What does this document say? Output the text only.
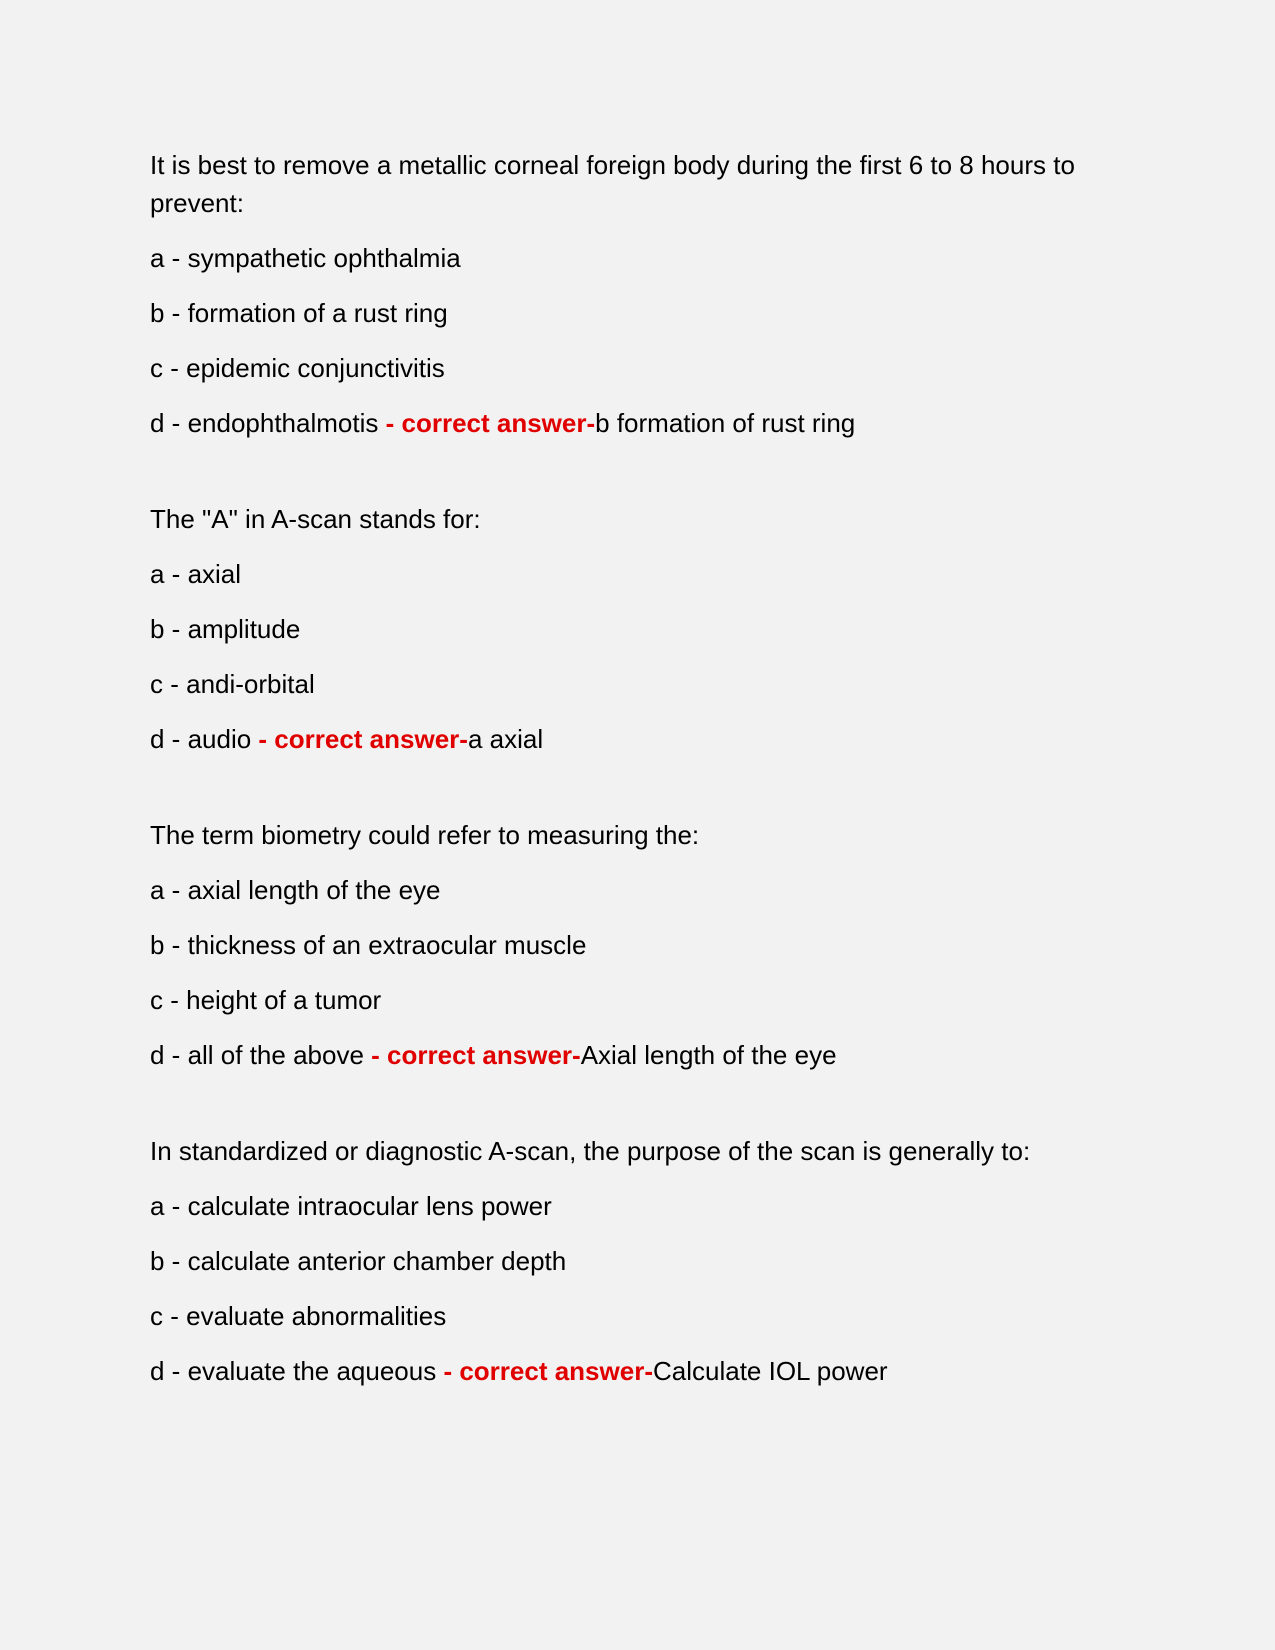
It is best to remove a metallic corneal foreign body during the first 6 to 8 hours to prevent:
a - sympathetic ophthalmia
b - formation of a rust ring
c - epidemic conjunctivitis
d - endophthalmotis - correct answer-b formation of rust ring
The "A" in A-scan stands for:
a - axial
b - amplitude
c - andi-orbital
d - audio - correct answer-a axial
The term biometry could refer to measuring the:
a - axial length of the eye
b - thickness of an extraocular muscle
c - height of a tumor
d - all of the above - correct answer-Axial length of the eye
In standardized or diagnostic A-scan, the purpose of the scan is generally to:
a - calculate intraocular lens power
b - calculate anterior chamber depth
c - evaluate abnormalities
d - evaluate the aqueous - correct answer-Calculate IOL power
